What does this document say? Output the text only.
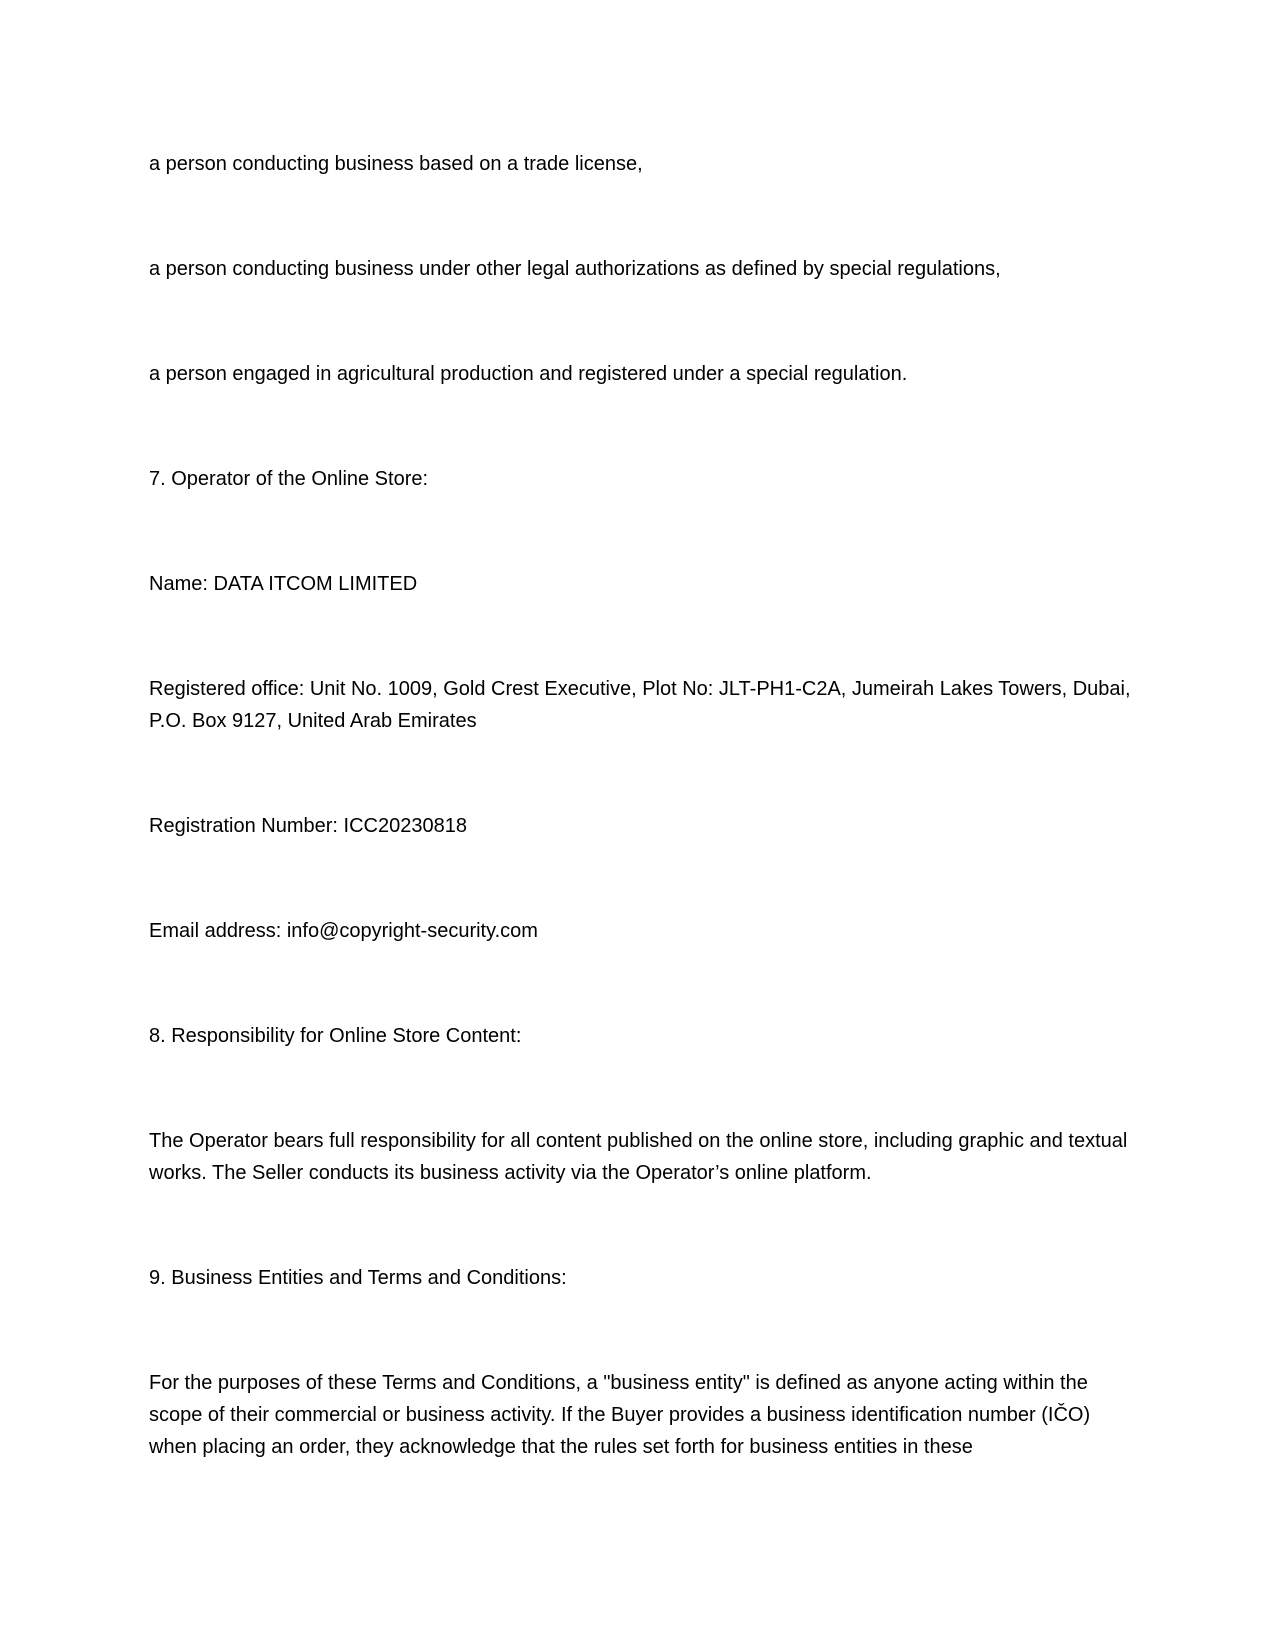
a person conducting business based on a trade license,

a person conducting business under other legal authorizations as defined by special regulations,

a person engaged in agricultural production and registered under a special regulation.

7. Operator of the Online Store:

Name: DATA ITCOM LIMITED

Registered office: Unit No. 1009, Gold Crest Executive, Plot No: JLT-PH1-C2A, Jumeirah Lakes Towers, Dubai, P.O. Box 9127, United Arab Emirates

Registration Number: ICC20230818

Email address: info@copyright-security.com

8. Responsibility for Online Store Content:

The Operator bears full responsibility for all content published on the online store, including graphic and textual works. The Seller conducts its business activity via the Operator’s online platform.

9. Business Entities and Terms and Conditions:

For the purposes of these Terms and Conditions, a "business entity" is defined as anyone acting within the scope of their commercial or business activity. If the Buyer provides a business identification number (IČO) when placing an order, they acknowledge that the rules set forth for business entities in these
